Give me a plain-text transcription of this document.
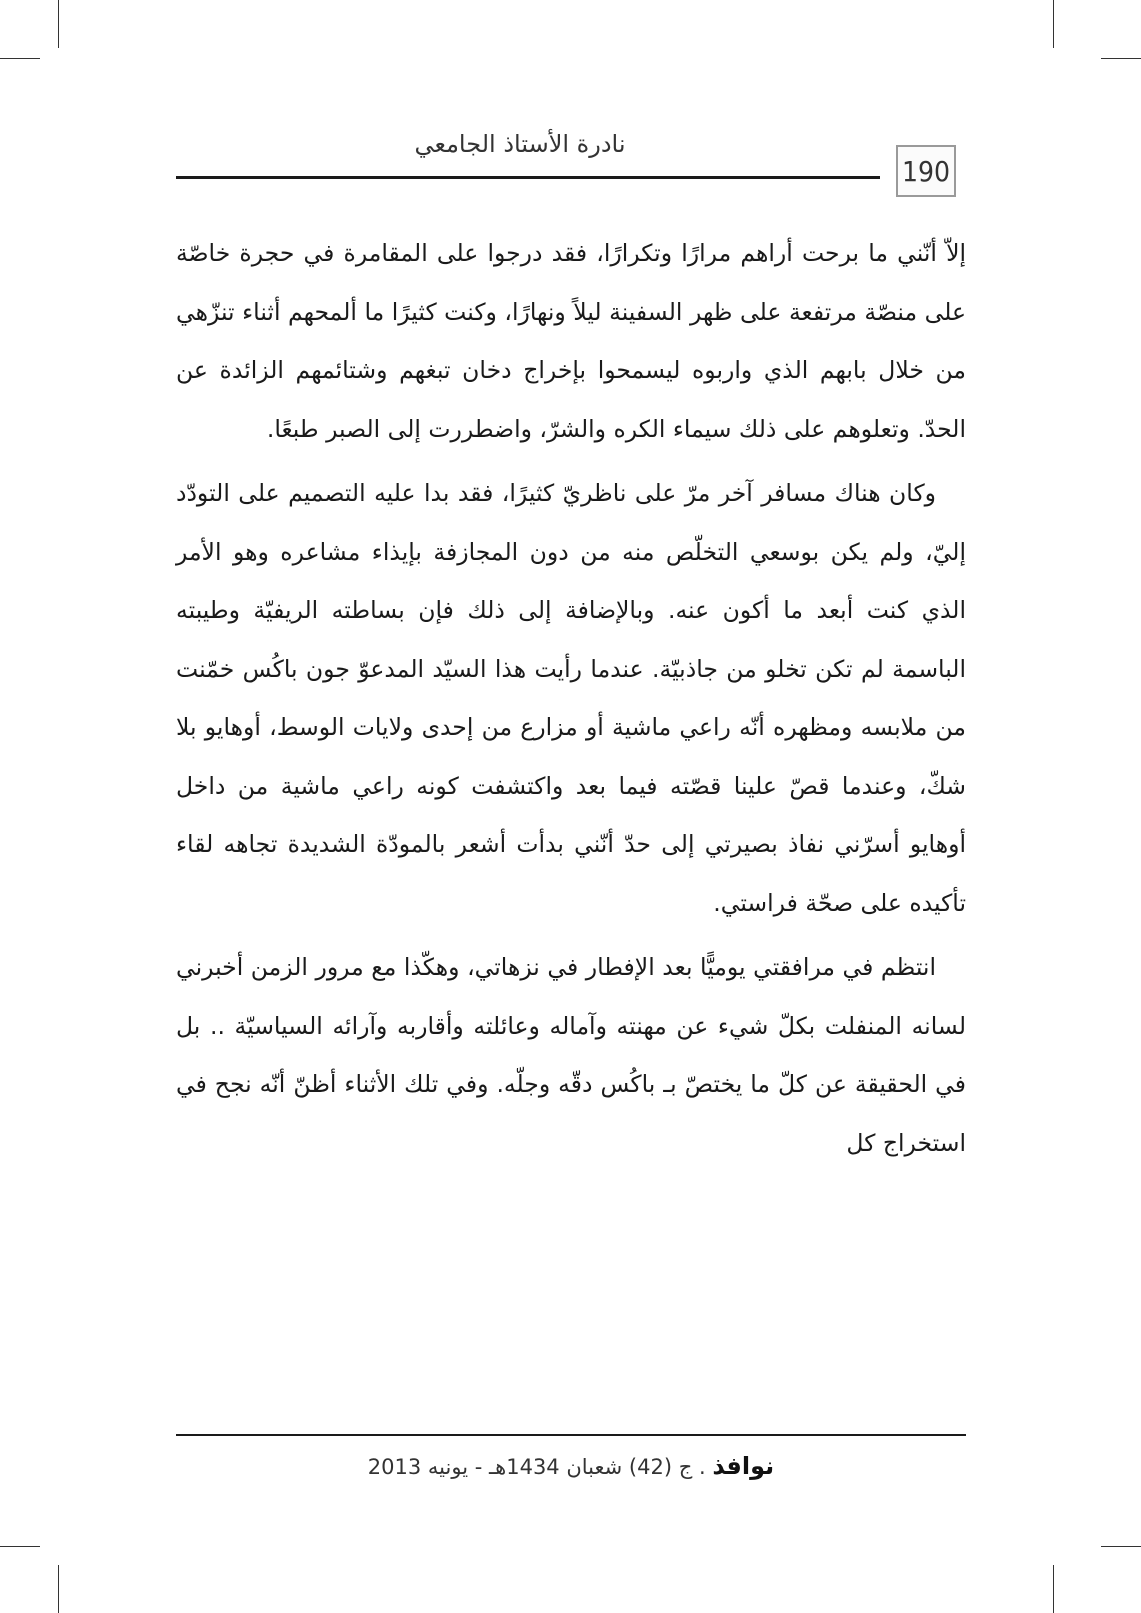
نادرة الأستاذ الجامعي
190

إلاّ أنّني ما برحت أراهم مرارًا وتكرارًا، فقد درجوا على المقامرة في حجرة خاصّة على منصّة مرتفعة على ظهر السفينة ليلاً ونهارًا، وكنت كثيرًا ما ألمحهم أثناء تنزّهي من خلال بابهم الذي واربوه ليسمحوا بإخراج دخان تبغهم وشتائمهم الزائدة عن الحدّ. وتعلوهم على ذلك سيماء الكره والشرّ، واضطررت إلى الصبر طبعًا.

وكان هناك مسافر آخر مرّ على ناظريّ كثيرًا، فقد بدا عليه التصميم على التودّد إليّ، ولم يكن بوسعي التخلّص منه من دون المجازفة بإيذاء مشاعره وهو الأمر الذي كنت أبعد ما أكون عنه. وبالإضافة إلى ذلك فإن بساطته الريفيّة وطيبته الباسمة لم تكن تخلو من جاذبيّة. عندما رأيت هذا السيّد المدعوّ جون باكُس خمّنت من ملابسه ومظهره أنّه راعي ماشية أو مزارع من إحدى ولايات الوسط، أوهايو بلا شكّ، وعندما قصّ علينا قصّته فيما بعد واكتشفت كونه راعي ماشية من داخل أوهايو أسرّني نفاذ بصيرتي إلى حدّ أنّني بدأت أشعر بالمودّة الشديدة تجاهه لقاء تأكيده على صحّة فراستي.

انتظم في مرافقتي يوميًّا بعد الإفطار في نزهاتي، وهكّذا مع مرور الزمن أخبرني لسانه المنفلت بكلّ شيء عن مهنته وآماله وعائلته وأقاربه وآرائه السياسيّة .. بل في الحقيقة عن كلّ ما يختصّ بـ باكُس دقّه وجلّه. وفي تلك الأثناء أظنّ أنّه نجح في استخراج كل

نوافذ . ج (42) شعبان 1434هـ - يونيه 2013
